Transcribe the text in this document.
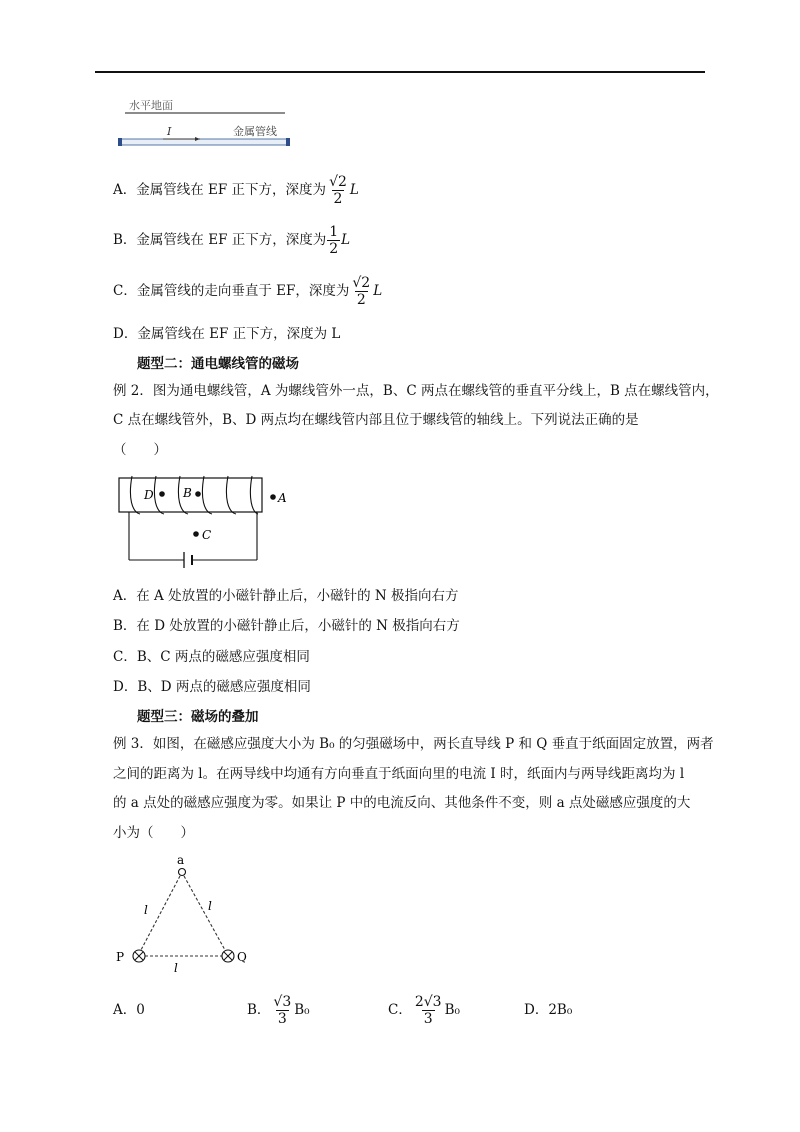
水平地面
金属管线
I
A．金属管线在 EF 正下方，深度为 $\frac{√2}{2}$ L
B．金属管线在 EF 正下方，深度为 $\frac{1}{2}$ L
C．金属管线的走向垂直于 EF，深度为 $\frac{√2}{2}$ L
D．金属管线在 EF 正下方，深度为 L
题型二：通电螺线管的磁场
例 2．图为通电螺线管，A 为螺线管外一点，B、C 两点在螺线管的垂直平分线上，B 点在螺线管内，
C 点在螺线管外，B、D 两点均在螺线管内部且位于螺线管的轴线上。下列说法正确的是
（　　）
D B	A
C
A．在 A 处放置的小磁针静止后，小磁针的 N 极指向右方
B．在 D 处放置的小磁针静止后，小磁针的 N 极指向右方
C．B、C 两点的磁感应强度相同
D．B、D 两点的磁感应强度相同
题型三：磁场的叠加
例 3．如图，在磁感应强度大小为 B₀ 的匀强磁场中，两长直导线 P 和 Q 垂直于纸面固定放置，两者
之间的距离为 l。在两导线中均通有方向垂直于纸面向里的电流 I 时，纸面内与两导线距离均为 l
的 a 点处的磁感应强度为零。如果让 P 中的电流反向、其他条件不变，则 a 点处磁感应强度的大
小为（　　）
a
P	Q
l	l
l
A．0	B． $\frac{√3}{3} B_0$	C． $\frac{2√3}{3} B_0$	D．2B₀
